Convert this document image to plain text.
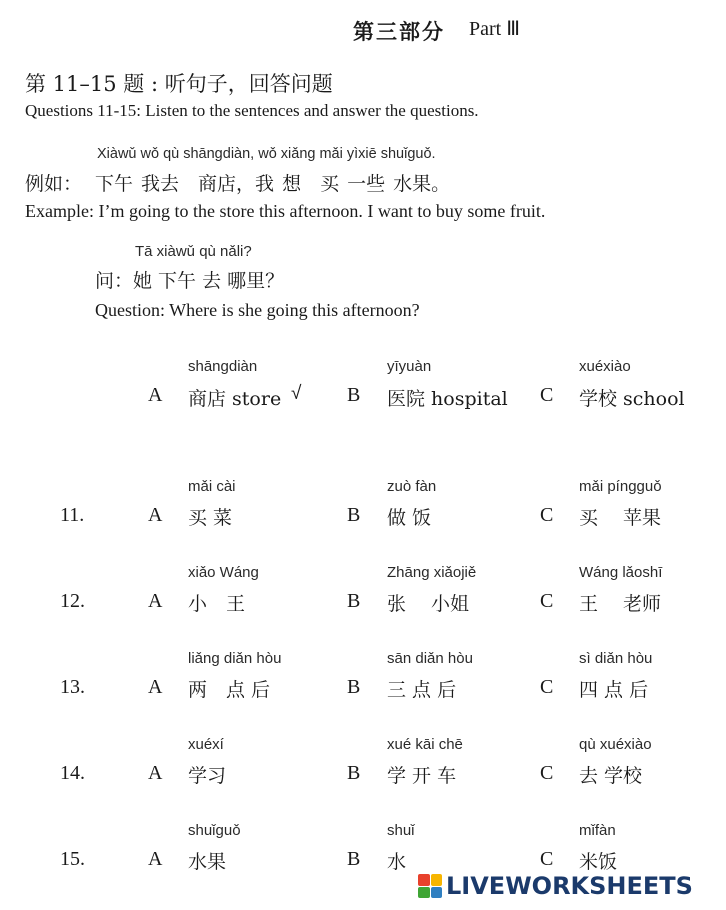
第三部分 Part Ⅲ
第 11–15 题 : 听句子，回答问题
Questions 11-15: Listen to the sentences and answer the questions.
Xiàwǔ wǒ qù shāngdiàn, wǒ xiǎng mǎi yìxiē shuǐguǒ.
例如： 下午 我去　商店，我 想　买 一些 水果。
Example: I’m going to the store this afternoon. I want to buy some fruit.
Tā xiàwǔ qù nǎli?
问： 她 下午 去 哪里？
Question: Where is she going this afternoon?
shāngdiàn
A 商店 store √
yīyuàn
B 医院 hospital
xuéxiào
C 学校 school
11.
mǎi cài
A 买 菜
zuò fàn
B 做 饭
mǎi píngguǒ
C 买　 苹果
12.
xiǎo Wáng
A 小　王
Zhāng xiǎojiě
B 张　 小姐
Wáng lǎoshī
C 王　 老师
13.
liǎng diǎn hòu
A 两　点 后
sān diǎn hòu
B 三 点 后
sì diǎn hòu
C 四 点 后
14.
xuéxí
A 学习
xué kāi chē
B 学 开 车
qù xuéxiào
C 去 学校
15.
shuǐguǒ
A 水果
shuǐ
B 水
mǐfàn
C 米饭
LIVEWORKSHEETS
